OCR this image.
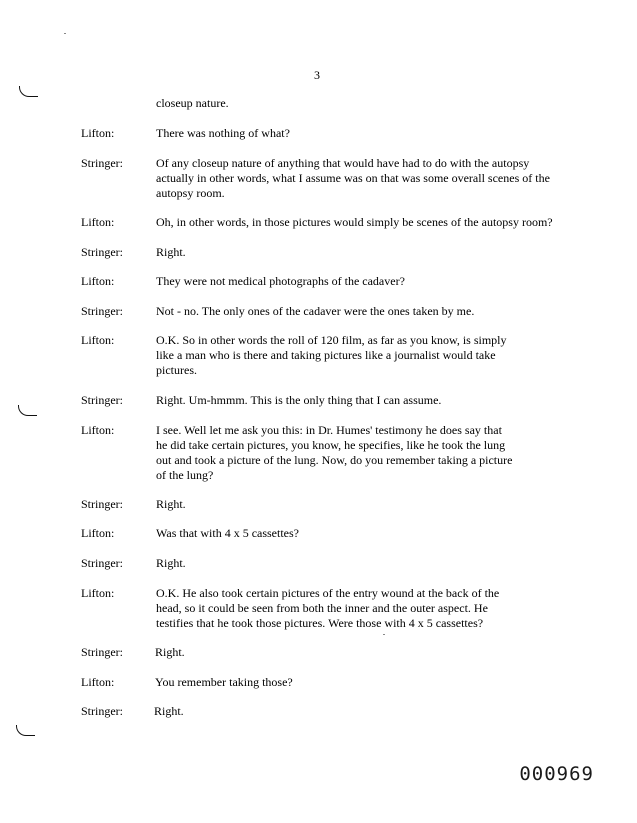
3
closeup nature.
Lifton:	There was nothing of what?
Stringer:	Of any closeup nature of anything that would have had to do with the autopsy
actually in other words, what I assume was on that was some overall scenes of the
autopsy room.
Lifton:	Oh, in other words, in those pictures would simply be scenes of the autopsy room?
Stringer:	Right.
Lifton:	They were not medical photographs of the cadaver?
Stringer:	Not - no. The only ones of the cadaver were the ones taken by me.
Lifton:	O.K. So in other words the roll of 120 film, as far as you know, is simply
like a man who is there and taking pictures like a journalist would take
pictures.
Stringer:	Right. Um-hmmm. This is the only thing that I can assume.
Lifton:	I see. Well let me ask you this: in Dr. Humes' testimony he does say that
he did take certain pictures, you know, he specifies, like he took the lung
out and took a picture of the lung. Now, do you remember taking a picture
of the lung?
Stringer:	Right.
Lifton:	Was that with 4 x 5 cassettes?
Stringer:	Right.
Lifton:	O.K. He also took certain pictures of the entry wound at the back of the
head, so it could be seen from both the inner and the outer aspect. He
testifies that he took those pictures. Were those with 4 x 5 cassettes?
Stringer:	Right.
Lifton:	You remember taking those?
Stringer:	Right.
000969
